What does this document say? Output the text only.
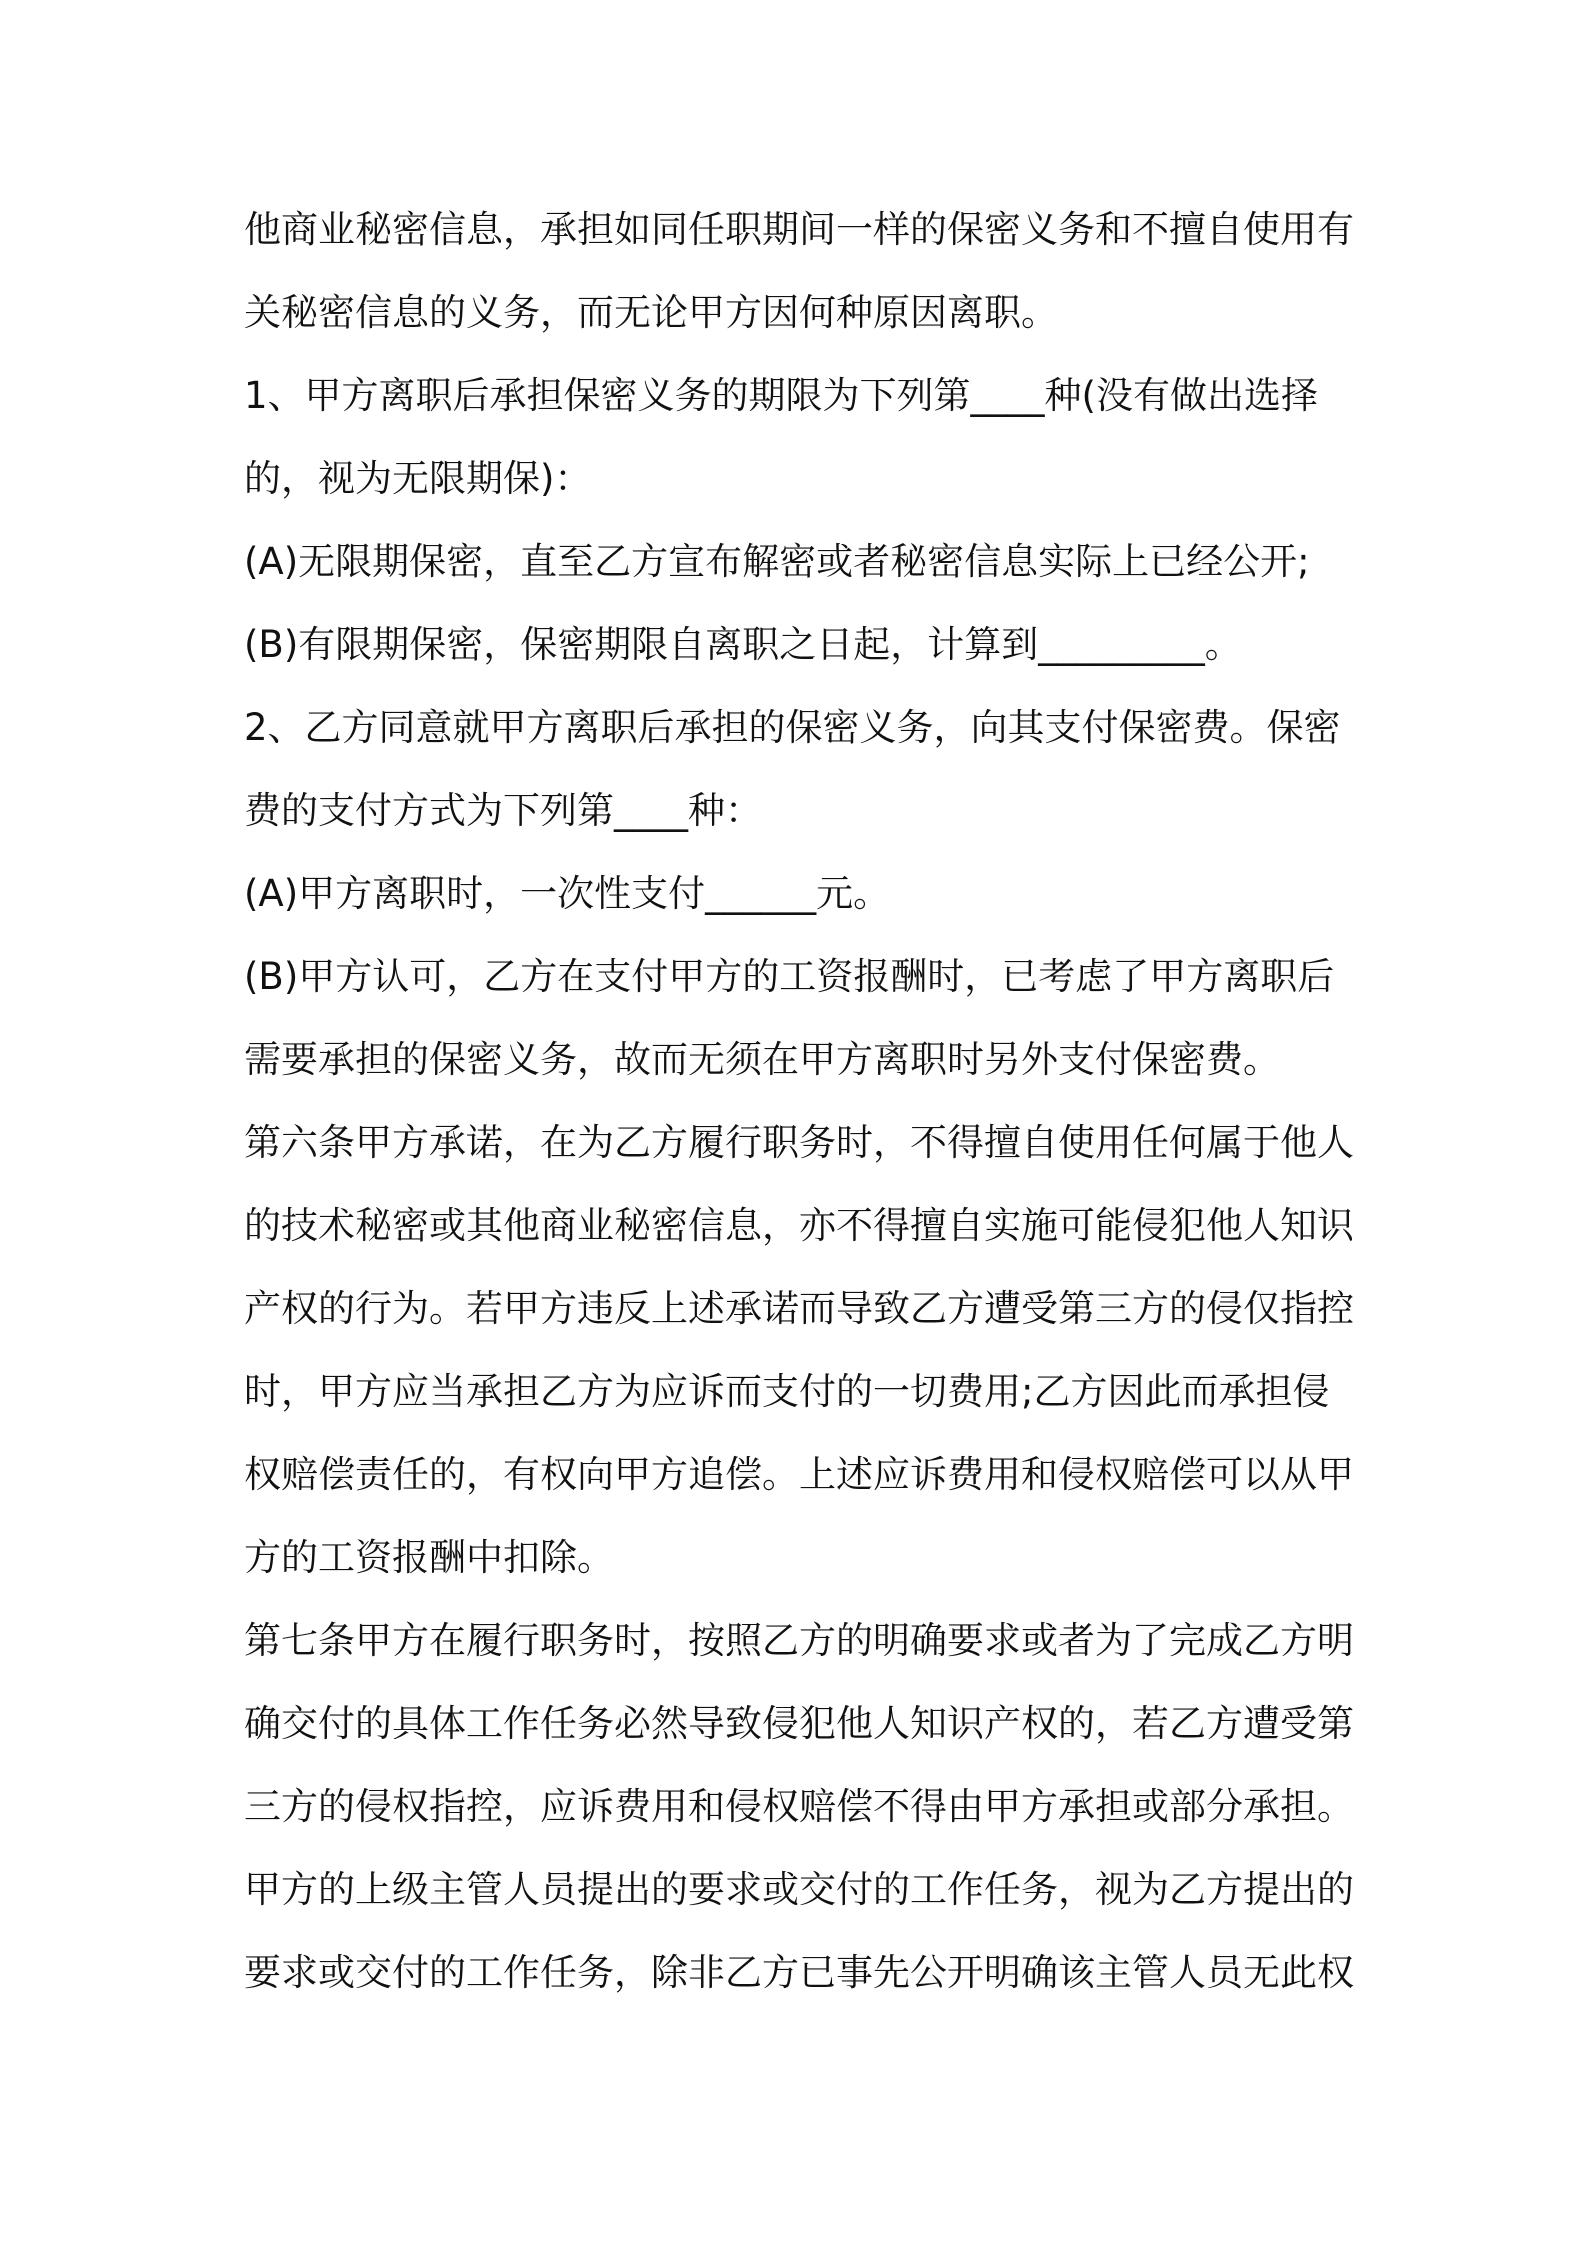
他商业秘密信息，承担如同任职期间一样的保密义务和不擅自使用有
关秘密信息的义务，而无论甲方因何种原因离职。
1、甲方离职后承担保密义务的期限为下列第____种(没有做出选择
的，视为无限期保)：
(A)无限期保密，直至乙方宣布解密或者秘密信息实际上已经公开;
(B)有限期保密，保密期限自离职之日起，计算到_________。
2、乙方同意就甲方离职后承担的保密义务，向其支付保密费。保密
费的支付方式为下列第____种：
(A)甲方离职时，一次性支付______元。
(B)甲方认可，乙方在支付甲方的工资报酬时，已考虑了甲方离职后
需要承担的保密义务，故而无须在甲方离职时另外支付保密费。
第六条甲方承诺，在为乙方履行职务时，不得擅自使用任何属于他人
的技术秘密或其他商业秘密信息，亦不得擅自实施可能侵犯他人知识
产权的行为。若甲方违反上述承诺而导致乙方遭受第三方的侵仅指控
时，甲方应当承担乙方为应诉而支付的一切费用;乙方因此而承担侵
权赔偿责任的，有权向甲方追偿。上述应诉费用和侵权赔偿可以从甲
方的工资报酬中扣除。
第七条甲方在履行职务时，按照乙方的明确要求或者为了完成乙方明
确交付的具体工作任务必然导致侵犯他人知识产权的，若乙方遭受第
三方的侵权指控，应诉费用和侵权赔偿不得由甲方承担或部分承担。
甲方的上级主管人员提出的要求或交付的工作任务，视为乙方提出的
要求或交付的工作任务，除非乙方已事先公开明确该主管人员无此权
